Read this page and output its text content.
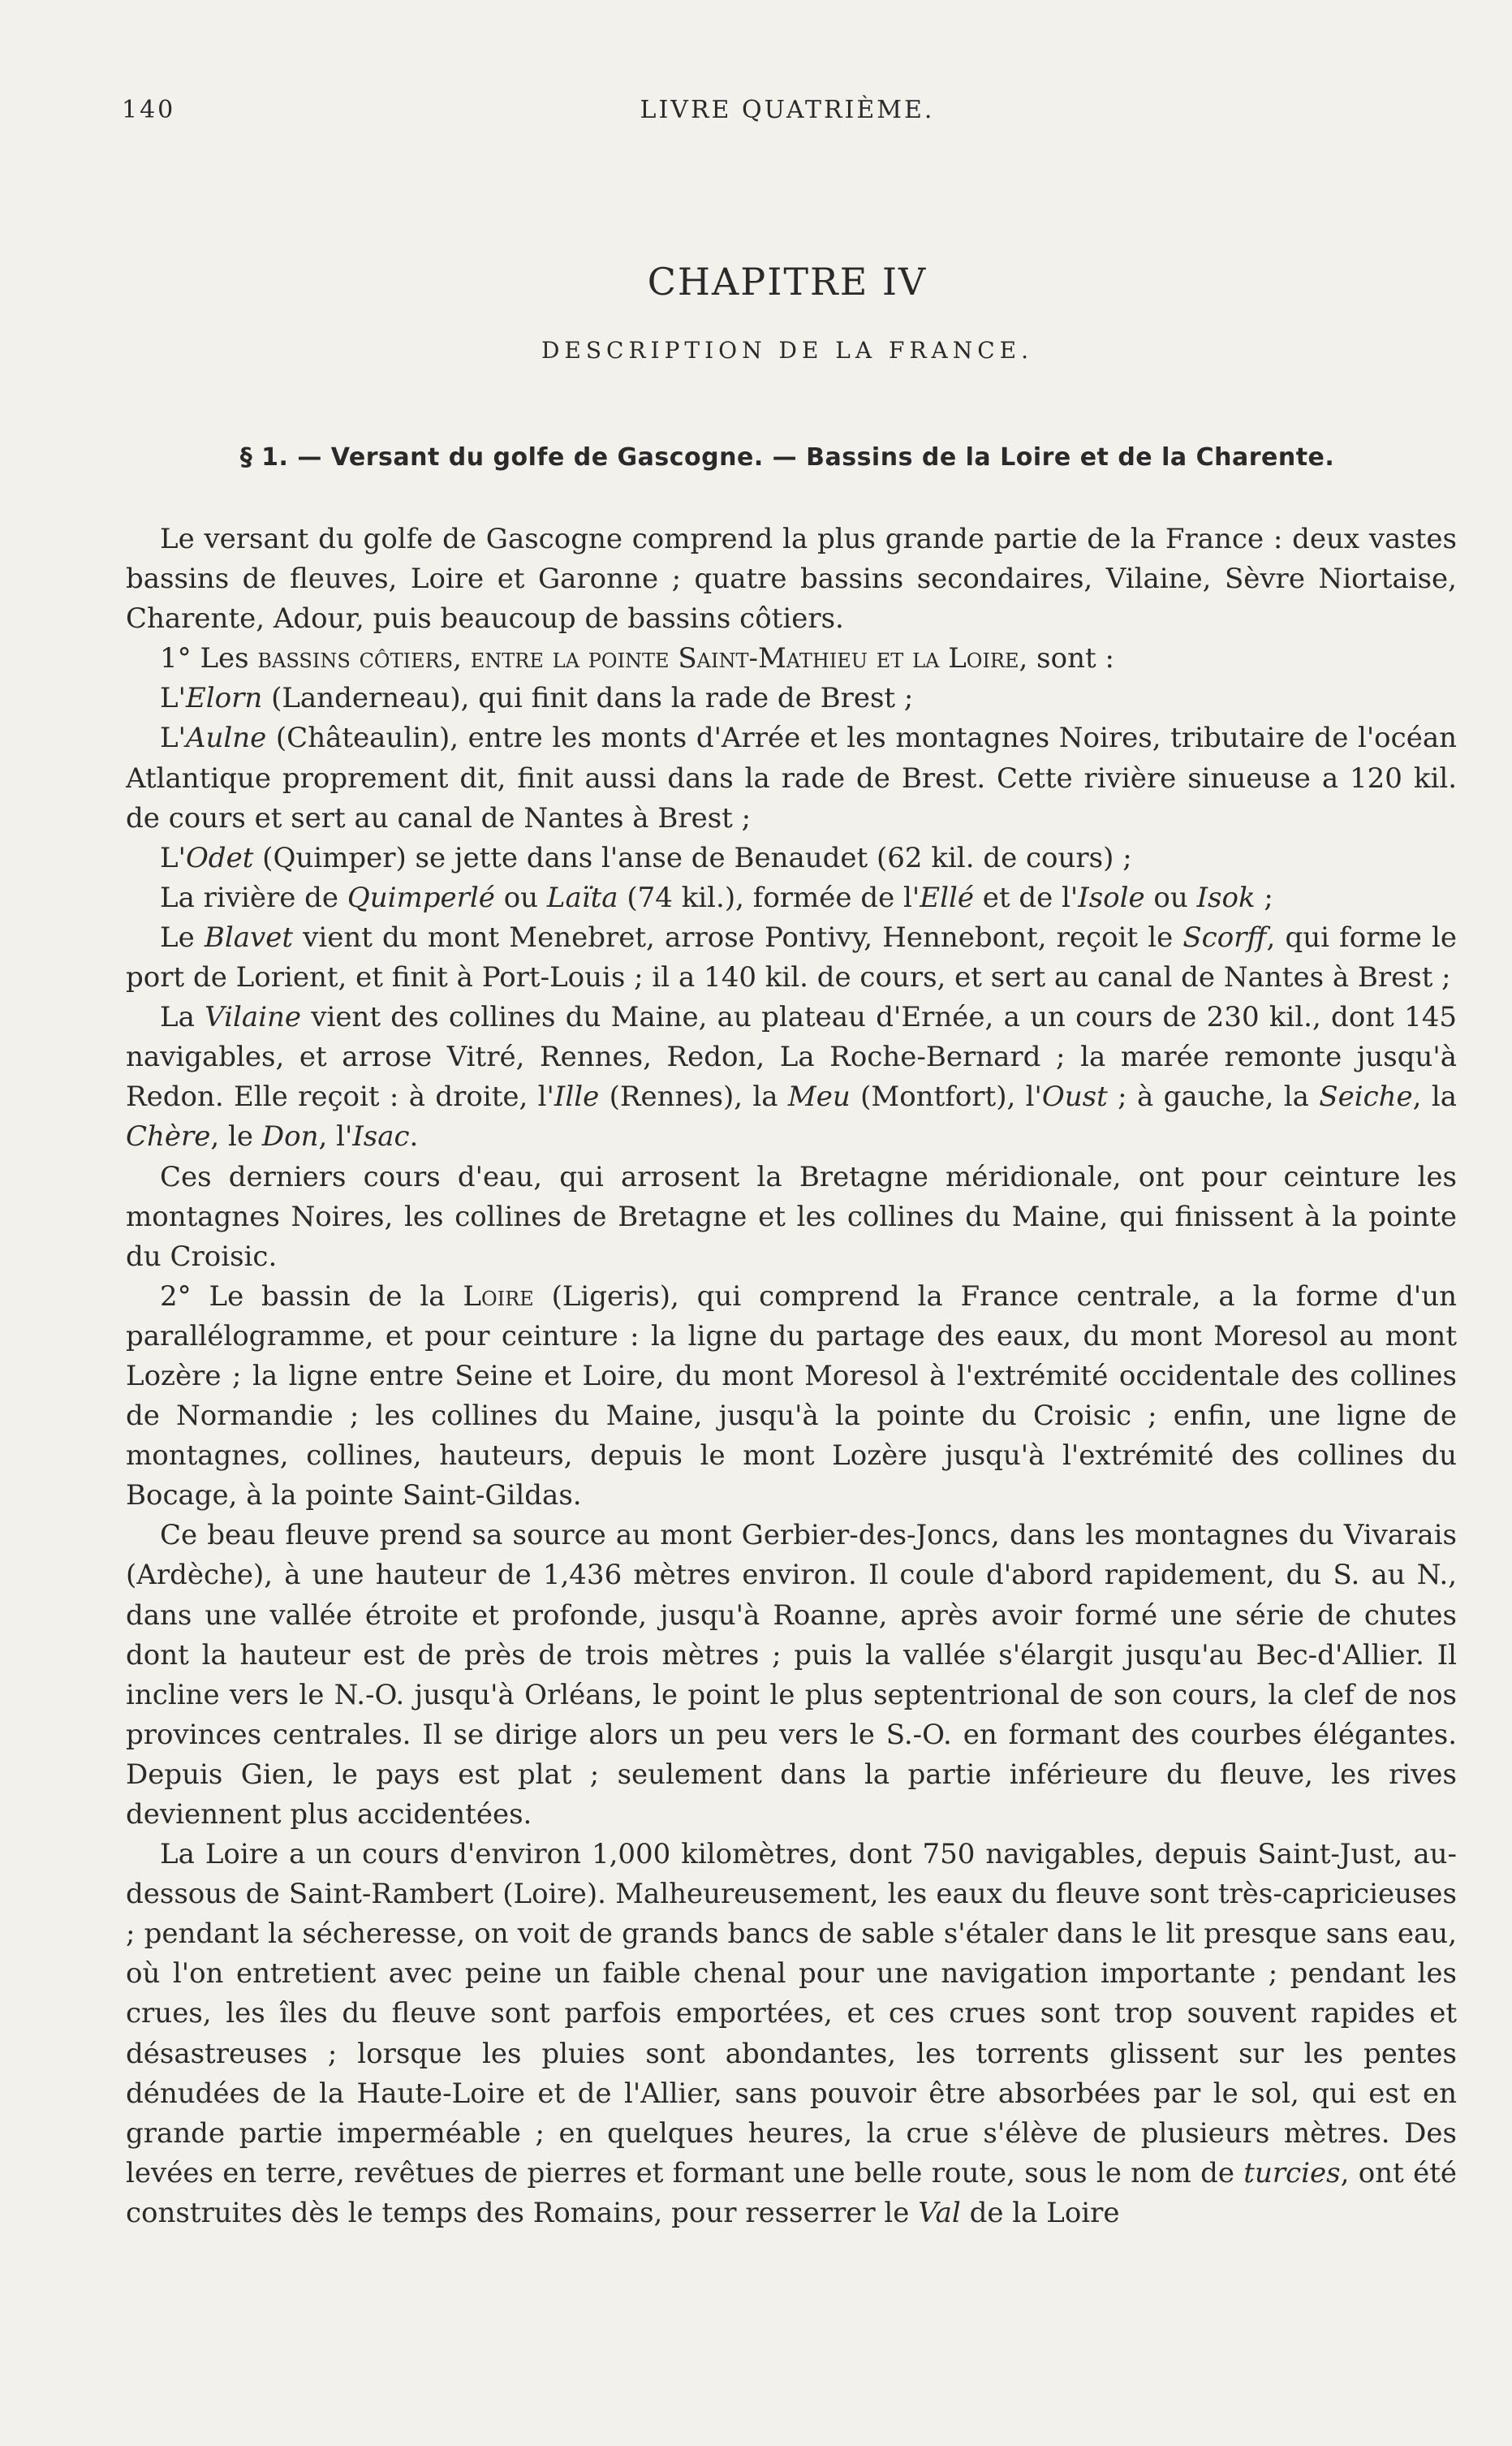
140	LIVRE QUATRIÈME.
CHAPITRE IV
DESCRIPTION DE LA FRANCE.
§ 1. — Versant du golfe de Gascogne. — Bassins de la Loire et de la Charente.

Le versant du golfe de Gascogne comprend la plus grande partie de la France : deux vastes bassins de fleuves, Loire et Garonne ; quatre bassins secondaires, Vilaine, Sèvre Niortaise, Charente, Adour, puis beaucoup de bassins côtiers.

1° Les bassins côtiers, entre la pointe Saint-Mathieu et la Loire, sont :

L'Elorn (Landerneau), qui finit dans la rade de Brest ;

L'Aulne (Châteaulin), entre les monts d'Arrée et les montagnes Noires, tributaire de l'océan Atlantique proprement dit, finit aussi dans la rade de Brest. Cette rivière sinueuse a 120 kil. de cours et sert au canal de Nantes à Brest ;

L'Odet (Quimper) se jette dans l'anse de Benaudet (62 kil. de cours) ;

La rivière de Quimperlé ou Laïta (74 kil.), formée de l'Ellé et de l'Isole ou Isok ;

Le Blavet vient du mont Menebret, arrose Pontivy, Hennebont, reçoit le Scorff, qui forme le port de Lorient, et finit à Port-Louis ; il a 140 kil. de cours, et sert au canal de Nantes à Brest ;

La Vilaine vient des collines du Maine, au plateau d'Ernée, a un cours de 230 kil., dont 145 navigables, et arrose Vitré, Rennes, Redon, La Roche-Bernard ; la marée remonte jusqu'à Redon. Elle reçoit : à droite, l'Ille (Rennes), la Meu (Montfort), l'Oust ; à gauche, la Seiche, la Chère, le Don, l'Isac.

Ces derniers cours d'eau, qui arrosent la Bretagne méridionale, ont pour ceinture les montagnes Noires, les collines de Bretagne et les collines du Maine, qui finissent à la pointe du Croisic.

2° Le bassin de la Loire (Ligeris), qui comprend la France centrale, a la forme d'un parallélogramme, et pour ceinture : la ligne du partage des eaux, du mont Moresol au mont Lozère ; la ligne entre Seine et Loire, du mont Moresol à l'extrémité occidentale des collines de Normandie ; les collines du Maine, jusqu'à la pointe du Croisic ; enfin, une ligne de montagnes, collines, hauteurs, depuis le mont Lozère jusqu'à l'extrémité des collines du Bocage, à la pointe Saint-Gildas.

Ce beau fleuve prend sa source au mont Gerbier-des-Joncs, dans les montagnes du Vivarais (Ardèche), à une hauteur de 1,436 mètres environ. Il coule d'abord rapidement, du S. au N., dans une vallée étroite et profonde, jusqu'à Roanne, après avoir formé une série de chutes dont la hauteur est de près de trois mètres ; puis la vallée s'élargit jusqu'au Bec-d'Allier. Il incline vers le N.-O. jusqu'à Orléans, le point le plus septentrional de son cours, la clef de nos provinces centrales. Il se dirige alors un peu vers le S.-O. en formant des courbes élégantes. Depuis Gien, le pays est plat ; seulement dans la partie inférieure du fleuve, les rives deviennent plus accidentées.

La Loire a un cours d'environ 1,000 kilomètres, dont 750 navigables, depuis Saint-Just, au-dessous de Saint-Rambert (Loire). Malheureusement, les eaux du fleuve sont très-capricieuses ; pendant la sécheresse, on voit de grands bancs de sable s'étaler dans le lit presque sans eau, où l'on entretient avec peine un faible chenal pour une navigation importante ; pendant les crues, les îles du fleuve sont parfois emportées, et ces crues sont trop souvent rapides et désastreuses ; lorsque les pluies sont abondantes, les torrents glissent sur les pentes dénudées de la Haute-Loire et de l'Allier, sans pouvoir être absorbées par le sol, qui est en grande partie imperméable ; en quelques heures, la crue s'élève de plusieurs mètres. Des levées en terre, revêtues de pierres et formant une belle route, sous le nom de turcies, ont été construites dès le temps des Romains, pour resserrer le Val de la Loire
